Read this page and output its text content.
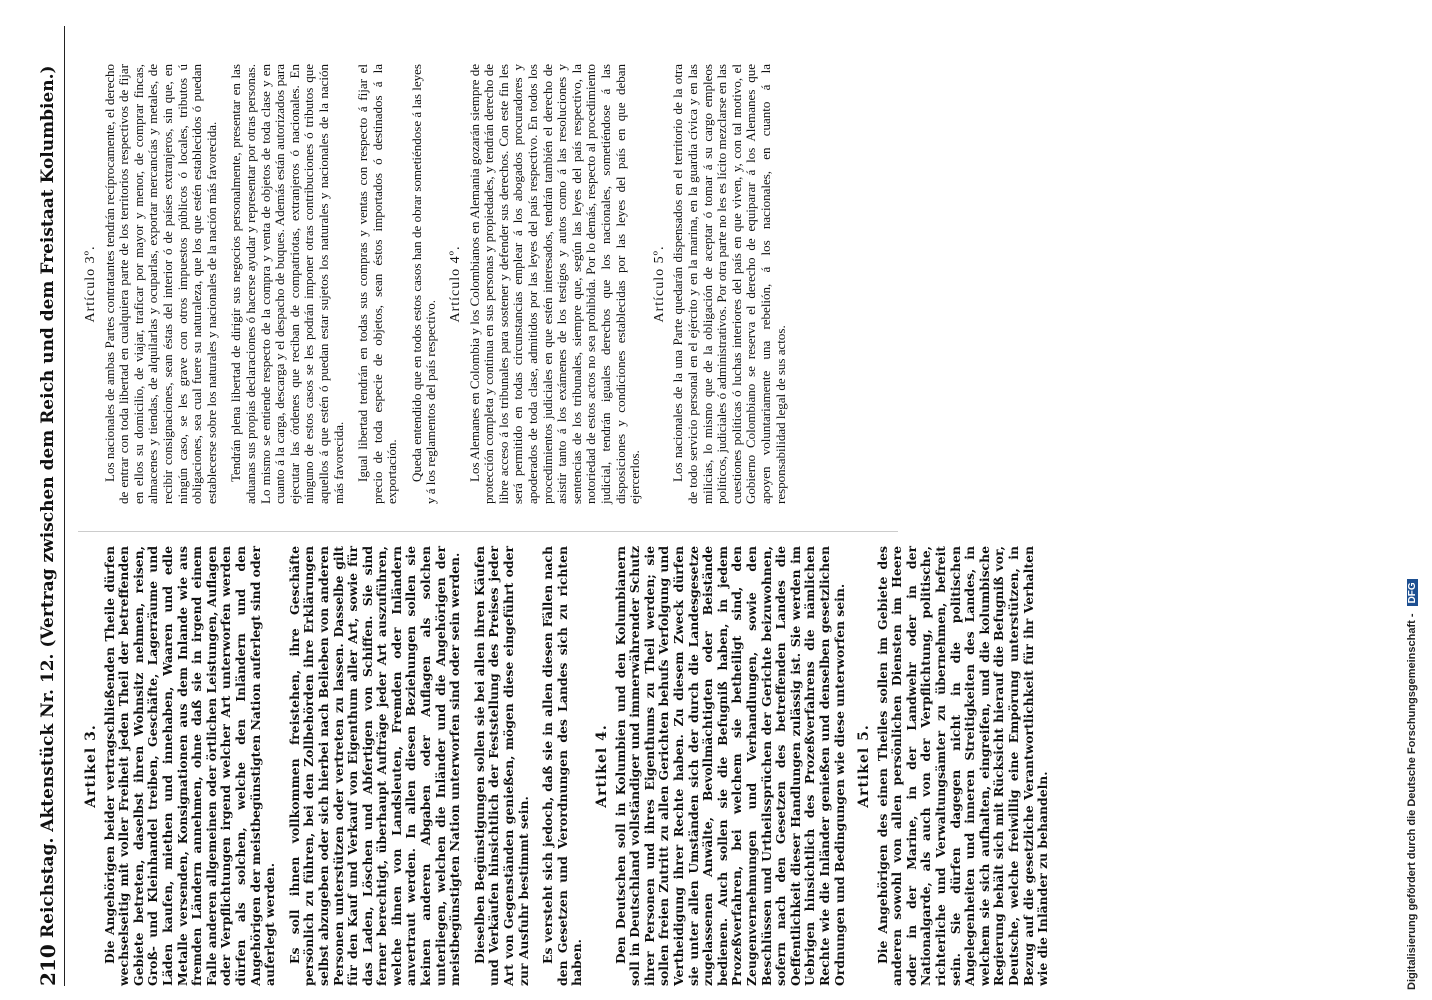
210
Reichstag. Aktenstück Nr. 12. (Vertrag zwischen dem Reich und dem Freistaat Kolumbien.) Artikel 3. Die Angehörigen beider vertragschließenden Theile dürfen wechselseitig mit voller Freiheit jeden Theil der betreffenden Gebiete betreten, daselbst ihren Wohnsitz nehmen, reisen, Groß- und Kleinhandel treiben, Geschäfte, Lagerräume und Läden kaufen, miethen und innehaben, Waaren und edle Metalle versenden, Konsignationen aus dem Inlande wie aus fremden Ländern annehmen, ohne daß sie in irgend einem Falle anderen allgemeinen oder örtlichen Leistungen, Auflagen oder Verpflichtungen irgend welcher Art unterworfen werden dürfen als solchen, welche den Inländern und den Angehörigen der meistbegünstigten Nation auferlegt sind oder auferlegt werden. Es soll ihnen vollkommen freistehen, ihre Geschäfte persönlich zu führen, bei den Zollbehörden ihre Erklärungen selbst abzugeben oder sich hierbei nach Belieben von anderen Personen unterstützen oder vertreten zu lassen. Dasselbe gilt für den Kauf und Verkauf von Eigenthum aller Art, sowie für das Laden, Löschen und Abfertigen von Schiffen. Sie sind ferner berechtigt, überhaupt Aufträge jeder Art auszuführen, welche ihnen von Landsleuten, Fremden oder Inländern anvertraut werden. In allen diesen Beziehungen sollen sie keinen anderen Abgaben oder Auflagen als solchen unterliegen, welchen die Inländer und die Angehörigen der meistbegünstigten Nation unterworfen sind oder sein werden. Dieselben Begünstigungen sollen sie bei allen ihren Käufen und Verkäufen hinsichtlich der Feststellung des Preises jeder Art von Gegenständen genießen, mögen diese eingeführt oder zur Ausfuhr bestimmt sein. Es versteht sich jedoch, daß sie in allen diesen Fällen nach den Gesetzen und Verordnungen des Landes sich zu richten haben.

Artikel 4. Den Deutschen soll in Kolumbien und den Kolumbianern soll in Deutschland vollständiger und immerwährender Schutz ihrer Personen und ihres Eigenthums zu Theil werden; sie sollen freien Zutritt zu allen Gerichten behufs Verfolgung und Vertheidigung ihrer Rechte haben. Zu diesem Zweck dürfen sie unter allen Umständen sich der durch die Landesgesetze zugelassenen Anwälte, Bevollmächtigten oder Beistände bedienen. Auch sollen sie die Befugniß haben, in jedem Prozeßverfahren, bei welchem sie betheiligt sind, den Zeugenvernehmungen und Verhandlungen, sowie den Beschlüssen und Urtheilssprüchen der Gerichte beizuwohnen, sofern nach den Gesetzen des betreffenden Landes die Oeffentlichkeit dieser Handlungen zulässig ist. Sie werden im Uebrigen hinsichtlich des Prozeßverfahrens die nämlichen Rechte wie die Inländer genießen und denselben gesetzlichen Ordnungen und Bedingungen wie diese unterworfen sein. Artikel 5. Die Angehörigen des einen Theiles sollen im Gebiete des anderen sowohl von allen persönlichen Diensten im Heere oder in der Marine, in der Landwehr oder in der Nationalgarde, als auch von der Verpflichtung, politische, richterliche und Verwaltungsämter zu übernehmen, befreit sein. Sie dürfen dagegen nicht in die politischen Angelegenheiten und inneren Streitigkeiten des Landes, in welchem sie sich aufhalten, eingreifen, und die kolumbische Regierung behält sich mit Rücksicht hierauf die Befugniß vor, Deutsche, welche freiwillig eine Empörung unterstützen, in Bezug auf die gesetzliche Verantwortlichkeit für ihr Verhalten wie die Inländer zu behandeln.

Artículo 3º. Los nacionales de ambas Partes contratantes tendrán recíprocamente, el derecho de entrar con toda libertad en cualquiera parte de los territorios respectivos de fijar en ellos su domicilio, de viajar, traficar por mayor y menor, de comprar fincas, almacenes y tiendas, de alquilarlas y ocuparlas, exportar mercancías y metales, de recibir consignaciones, sean éstas del interior ó de países extranjeros, sin que, en ningún caso, se les grave con otros impuestos públicos ó locales, tributos ú obligaciones, sea cual fuere su naturaleza, que los que estén establecidos ó puedan establecerse sobre los naturales y nacionales de la nación más favorecida. Tendrán plena libertad de dirigir sus negocios personalmente, presentar en las aduanas sus propias declaraciones ó hacerse ayudar y representar por otras personas. Lo mismo se entiende respecto de la compra y venta de objetos de toda clase y en cuanto á la carga, descarga y el despacho de buques. Además están autorizados para ejecutar las órdenes que reciban de compatriotas, extranjeros ó nacionales. En ninguno de estos casos se les podrán imponer otras contribuciones ó tributos que aquellos á que estén ó puedan estar sujetos los naturales y nacionales de la nación más favorecida. Igual libertad tendrán en todas sus compras y ventas con respecto á fijar el precio de toda especie de objetos, sean éstos importados ó destinados á la exportación. Queda entendido que en todos estos casos han de obrar sometiéndose á las leyes y á los reglamentos del país respectivo.

Artículo 4º. Los Alemanes en Colombia y los Colombianos en Alemania gozarán siempre de protección completa y continua en sus personas y propiedades, y tendrán derecho de libre acceso á los tribunales para sostener y defender sus derechos. Con este fin les será permitido en todas circunstancias emplear á los abogados procuradores y apoderados de toda clase, admitidos por las leyes del país respectivo. En todos los procedimientos judiciales en que estén interesados, tendrán también el derecho de asistir tanto á los exámenes de los testigos y autos como á las resoluciones y sentencias de los tribunales, siempre que, según las leyes del país respectivo, la notoriedad de estos actos no sea prohibida. Por lo demás, respecto al procedimiento judicial, tendrán iguales derechos que los nacionales, sometiéndose á las disposiciones y condiciones establecidas por las leyes del país en que deban ejercerlos.

Artículo 5º. Los nacionales de la una Parte quedarán dispensados en el territorio de la otra de todo servicio personal en el ejército y en la marina, en la guardia cívica y en las milicias, lo mismo que de la obligación de aceptar ó tomar á su cargo empleos políticos, judiciales ó administrativos. Por otra parte no les es lícito mezclarse en las cuestiones políticas ó luchas interiores del país en que viven, y, con tal motivo, el Gobierno Colombiano se reserva el derecho de equiparar á los Alemanes que apoyen voluntariamente una rebelión, á los nacionales, en cuanto á la responsabilidad legal de sus actos.

Digitalisierung gefördert durch die Deutsche Forschungsgemeinschaft - DFG
